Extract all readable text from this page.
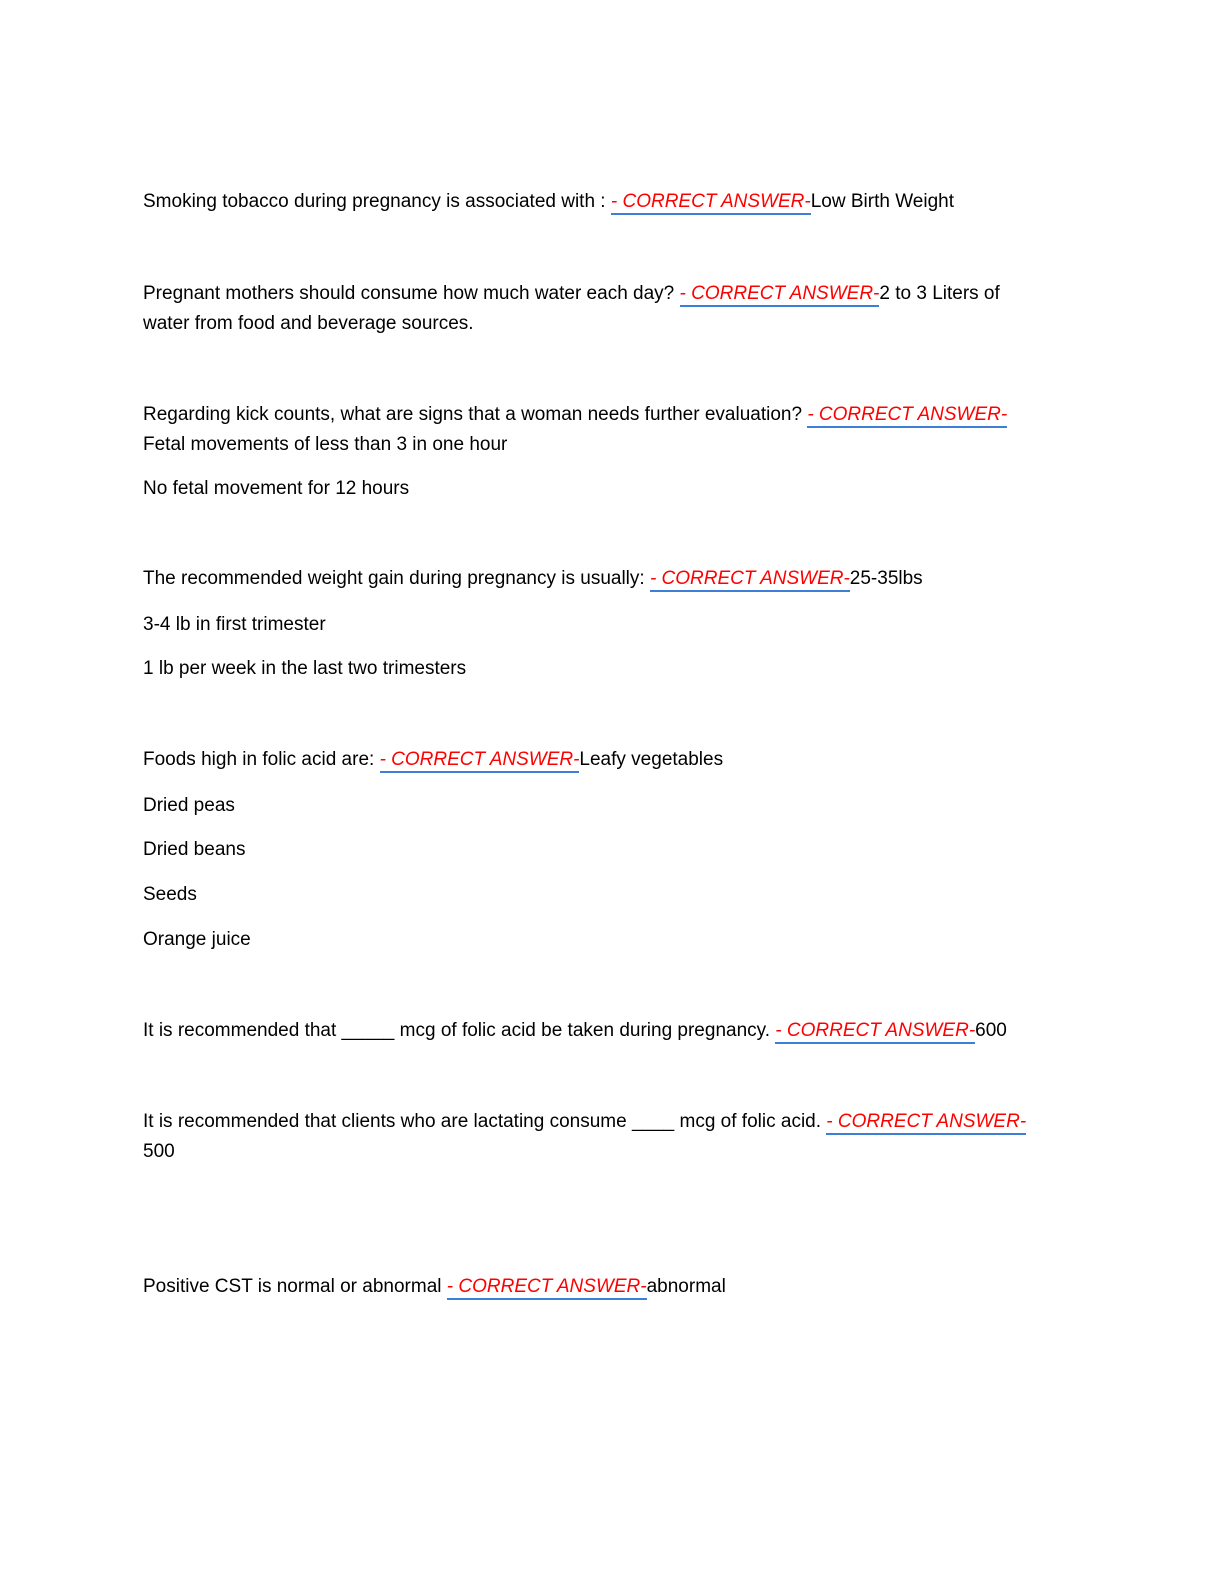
Smoking tobacco during pregnancy is associated with : - CORRECT ANSWER-Low Birth Weight
Pregnant mothers should consume how much water each day? - CORRECT ANSWER-2 to 3 Liters of
water from food and beverage sources.
Regarding kick counts, what are signs that a woman needs further evaluation? - CORRECT ANSWER-
Fetal movements of less than 3 in one hour
No fetal movement for 12 hours
The recommended weight gain during pregnancy is usually: - CORRECT ANSWER-25-35lbs
3-4 lb in first trimester
1 lb per week in the last two trimesters
Foods high in folic acid are: - CORRECT ANSWER-Leafy vegetables
Dried peas
Dried beans
Seeds
Orange juice
It is recommended that _____ mcg of folic acid be taken during pregnancy. - CORRECT ANSWER-600
It is recommended that clients who are lactating consume ____ mcg of folic acid. - CORRECT ANSWER-
500
Positive CST is normal or abnormal - CORRECT ANSWER-abnormal
